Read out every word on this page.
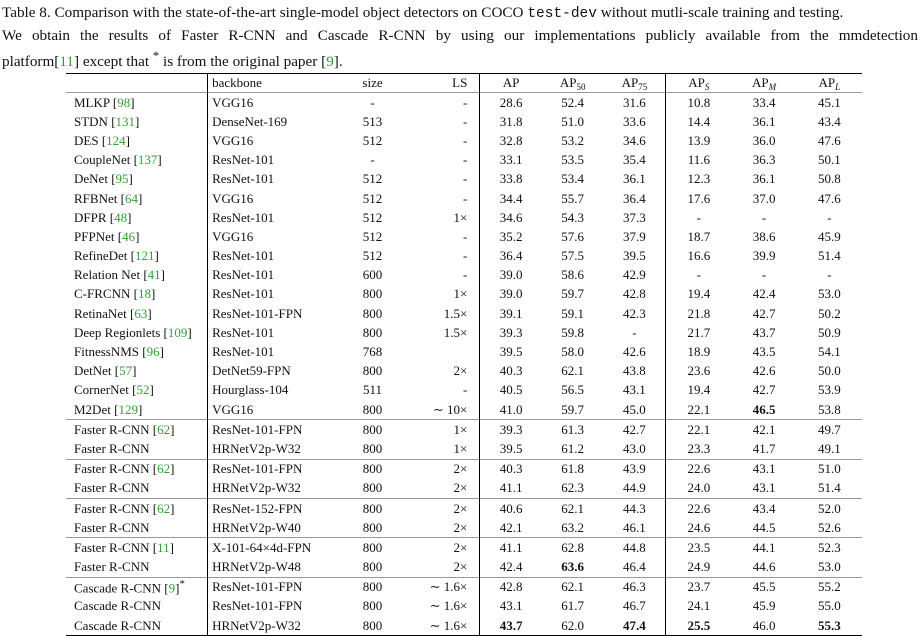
Table 8. Comparison with the state-of-the-art single-model object detectors on COCO test-dev without mutli-scale training and testing.
We obtain the results of Faster R-CNN and Cascade R-CNN by using our implementations publicly available from the mmdetection
platform[11] except that * is from the original paper [9].
	backbone	size	LS	AP	$AP_{50}$	$AP_{75}$	$AP_S$	$AP_M$	$AP_L$
MLKP [98]	VGG16	-	-	28.6	52.4	31.6	10.8	33.4	45.1
STDN [131]	DenseNet-169	513	-	31.8	51.0	33.6	14.4	36.1	43.4
DES [124]	VGG16	512	-	32.8	53.2	34.6	13.9	36.0	47.6
CoupleNet [137]	ResNet-101	-	-	33.1	53.5	35.4	11.6	36.3	50.1
DeNet [95]	ResNet-101	512	-	33.8	53.4	36.1	12.3	36.1	50.8
RFBNet [64]	VGG16	512	-	34.4	55.7	36.4	17.6	37.0	47.6
DFPR [48]	ResNet-101	512	1×	34.6	54.3	37.3	-	-	-
PFPNet [46]	VGG16	512	-	35.2	57.6	37.9	18.7	38.6	45.9
RefineDet [121]	ResNet-101	512	-	36.4	57.5	39.5	16.6	39.9	51.4
Relation Net [41]	ResNet-101	600	-	39.0	58.6	42.9	-	-	-
C-FRCNN [18]	ResNet-101	800	1×	39.0	59.7	42.8	19.4	42.4	53.0
RetinaNet [63]	ResNet-101-FPN	800	1.5×	39.1	59.1	42.3	21.8	42.7	50.2
Deep Regionlets [109]	ResNet-101	800	1.5×	39.3	59.8	-	21.7	43.7	50.9
FitnessNMS [96]	ResNet-101	768		39.5	58.0	42.6	18.9	43.5	54.1
DetNet [57]	DetNet59-FPN	800	2×	40.3	62.1	43.8	23.6	42.6	50.0
CornerNet [52]	Hourglass-104	511	-	40.5	56.5	43.1	19.4	42.7	53.9
M2Det [129]	VGG16	800	∼ 10×	41.0	59.7	45.0	22.1	46.5	53.8
Faster R-CNN [62]	ResNet-101-FPN	800	1×	39.3	61.3	42.7	22.1	42.1	49.7
Faster R-CNN	HRNetV2p-W32	800	1×	39.5	61.2	43.0	23.3	41.7	49.1
Faster R-CNN [62]	ResNet-101-FPN	800	2×	40.3	61.8	43.9	22.6	43.1	51.0
Faster R-CNN	HRNetV2p-W32	800	2×	41.1	62.3	44.9	24.0	43.1	51.4
Faster R-CNN [62]	ResNet-152-FPN	800	2×	40.6	62.1	44.3	22.6	43.4	52.0
Faster R-CNN	HRNetV2p-W40	800	2×	42.1	63.2	46.1	24.6	44.5	52.6
Faster R-CNN [11]	X-101-64×4d-FPN	800	2×	41.1	62.8	44.8	23.5	44.1	52.3
Faster R-CNN	HRNetV2p-W48	800	2×	42.4	63.6	46.4	24.9	44.6	53.0
Cascade R-CNN [9]*	ResNet-101-FPN	800	∼ 1.6×	42.8	62.1	46.3	23.7	45.5	55.2
Cascade R-CNN	ResNet-101-FPN	800	∼ 1.6×	43.1	61.7	46.7	24.1	45.9	55.0
Cascade R-CNN	HRNetV2p-W32	800	∼ 1.6×	43.7	62.0	47.4	25.5	46.0	55.3
